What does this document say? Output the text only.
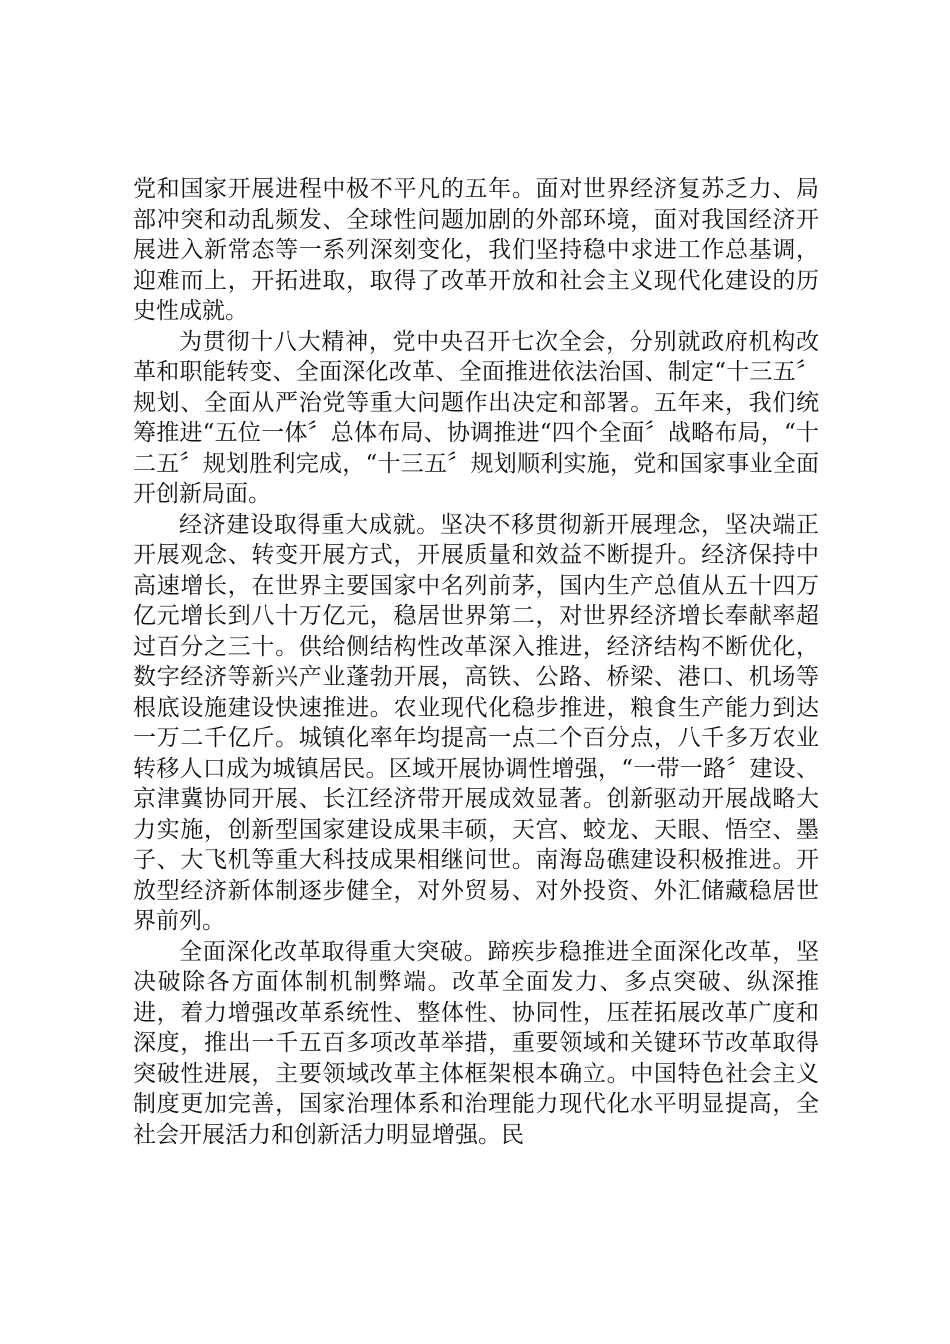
党和国家开展进程中极不平凡的五年。面对世界经济复苏乏力、局部冲突和动乱频发、全球性问题加剧的外部环境，面对我国经济开展进入新常态等一系列深刻变化，我们坚持稳中求进工作总基调，迎难而上，开拓进取，取得了改革开放和社会主义现代化建设的历史性成就。

为贯彻十八大精神，党中央召开七次全会，分别就政府机构改革和职能转变、全面深化改革、全面推进依法治国、制定“十三五〞规划、全面从严治党等重大问题作出决定和部署。五年来，我们统筹推进“五位一体〞总体布局、协调推进“四个全面〞战略布局，“十二五〞规划胜利完成，“十三五〞规划顺利实施，党和国家事业全面开创新局面。

经济建设取得重大成就。坚决不移贯彻新开展理念，坚决端正开展观念、转变开展方式，开展质量和效益不断提升。经济保持中高速增长，在世界主要国家中名列前茅，国内生产总值从五十四万亿元增长到八十万亿元，稳居世界第二，对世界经济增长奉献率超过百分之三十。供给侧结构性改革深入推进，经济结构不断优化，数字经济等新兴产业蓬勃开展，高铁、公路、桥梁、港口、机场等根底设施建设快速推进。农业现代化稳步推进，粮食生产能力到达一万二千亿斤。城镇化率年均提高一点二个百分点，八千多万农业转移人口成为城镇居民。区域开展协调性增强，“一带一路〞建设、京津冀协同开展、长江经济带开展成效显著。创新驱动开展战略大力实施，创新型国家建设成果丰硕，天宫、蛟龙、天眼、悟空、墨子、大飞机等重大科技成果相继问世。南海岛礁建设积极推进。开放型经济新体制逐步健全，对外贸易、对外投资、外汇储藏稳居世界前列。

全面深化改革取得重大突破。蹄疾步稳推进全面深化改革，坚决破除各方面体制机制弊端。改革全面发力、多点突破、纵深推进，着力增强改革系统性、整体性、协同性，压茬拓展改革广度和深度，推出一千五百多项改革举措，重要领域和关键环节改革取得突破性进展，主要领域改革主体框架根本确立。中国特色社会主义制度更加完善，国家治理体系和治理能力现代化水平明显提高，全社会开展活力和创新活力明显增强。民
